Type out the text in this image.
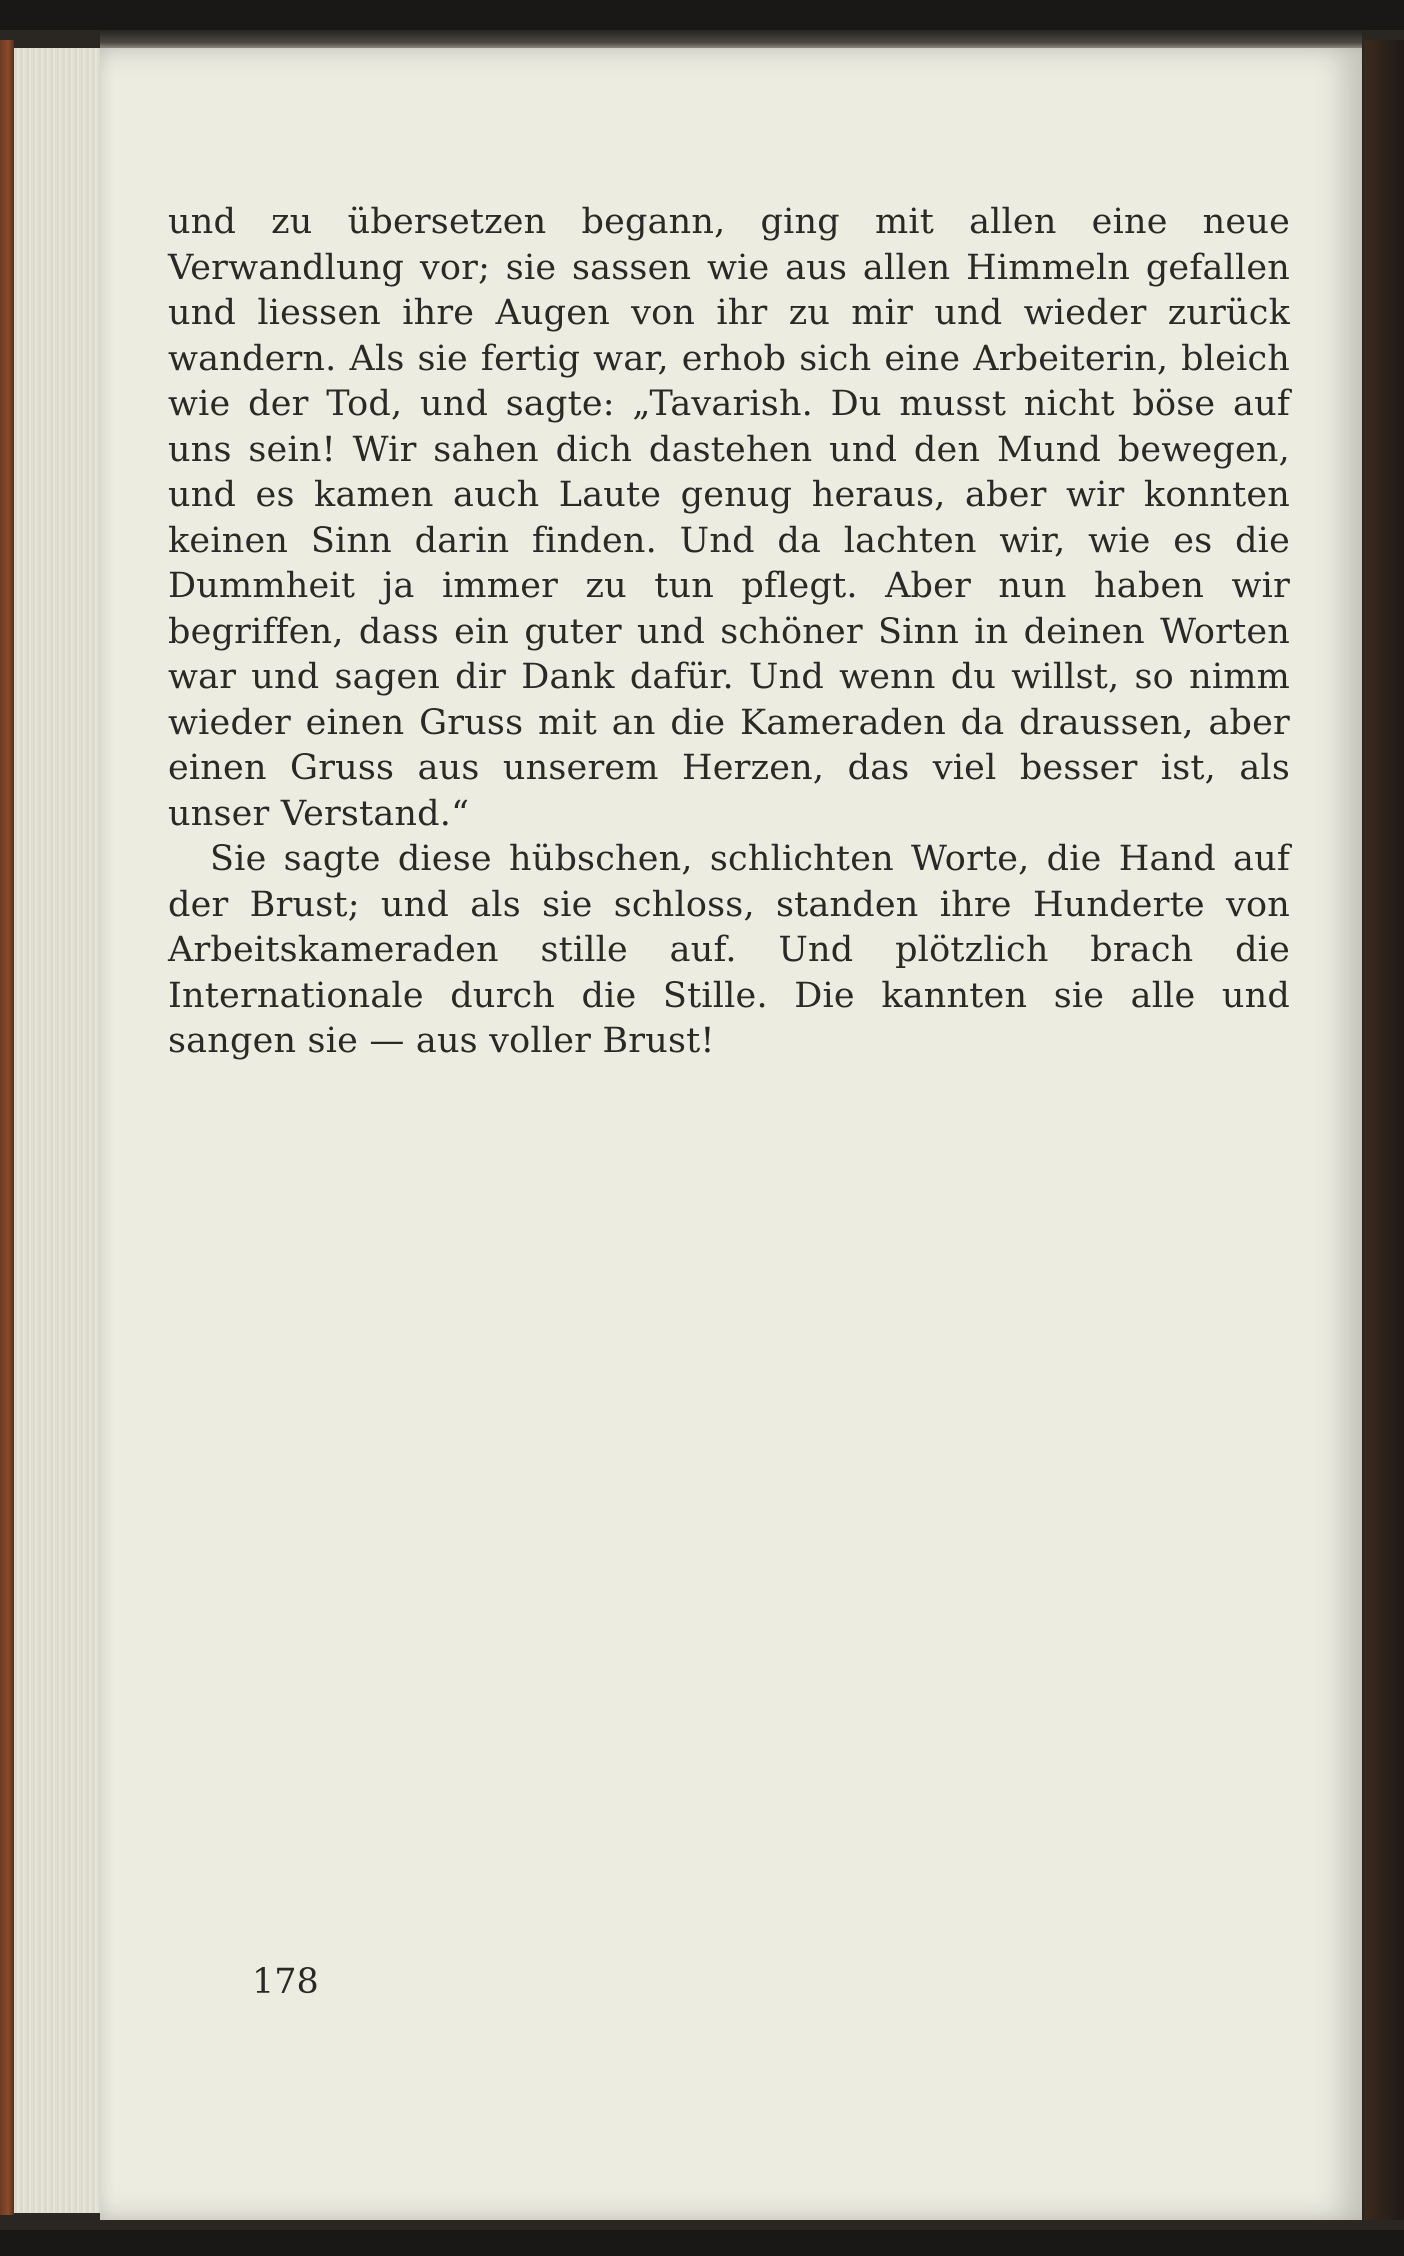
und zu übersetzen begann, ging mit allen eine neue Verwandlung vor; sie sassen wie aus allen Himmeln gefallen und liessen ihre Augen von ihr zu mir und wieder zurück wandern. Als sie fertig war, erhob sich eine Arbeiterin, bleich wie der Tod, und sagte: „Tavarish. Du musst nicht böse auf uns sein! Wir sahen dich dastehen und den Mund bewegen, und es kamen auch Laute genug heraus, aber wir konnten keinen Sinn darin finden. Und da lachten wir, wie es die Dummheit ja immer zu tun pflegt. Aber nun haben wir begriffen, dass ein guter und schöner Sinn in deinen Worten war und sagen dir Dank dafür. Und wenn du willst, so nimm wieder einen Gruss mit an die Kameraden da draussen, aber einen Gruss aus unserem Herzen, das viel besser ist, als unser Verstand.“

Sie sagte diese hübschen, schlichten Worte, die Hand auf der Brust; und als sie schloss, standen ihre Hunderte von Arbeitskameraden stille auf. Und plötzlich brach die Internationale durch die Stille. Die kannten sie alle und sangen sie — aus voller Brust!

178
